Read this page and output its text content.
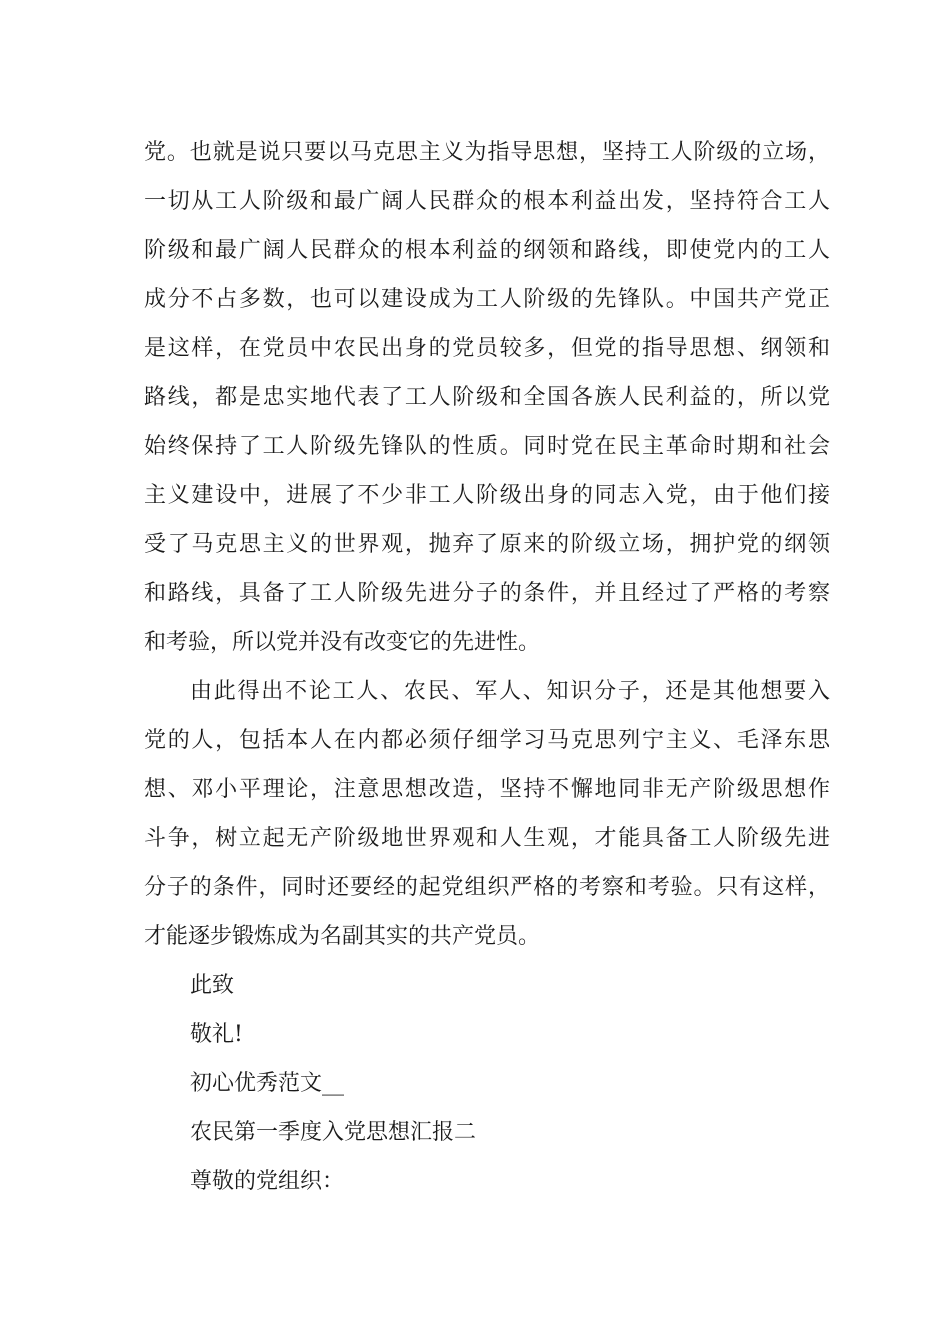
党。也就是说只要以马克思主义为指导思想，坚持工人阶级的立场，
一切从工人阶级和最广阔人民群众的根本利益出发，坚持符合工人
阶级和最广阔人民群众的根本利益的纲领和路线，即使党内的工人
成分不占多数，也可以建设成为工人阶级的先锋队。中国共产党正
是这样，在党员中农民出身的党员较多，但党的指导思想、纲领和
路线，都是忠实地代表了工人阶级和全国各族人民利益的，所以党
始终保持了工人阶级先锋队的性质。同时党在民主革命时期和社会
主义建设中，进展了不少非工人阶级出身的同志入党，由于他们接
受了马克思主义的世界观，抛弃了原来的阶级立场，拥护党的纲领
和路线，具备了工人阶级先进分子的条件，并且经过了严格的考察
和考验，所以党并没有改变它的先进性。
由此得出不论工人、农民、军人、知识分子，还是其他想要入
党的人，包括本人在内都必须仔细学习马克思列宁主义、毛泽东思
想、邓小平理论，注意思想改造，坚持不懈地同非无产阶级思想作
斗争，树立起无产阶级地世界观和人生观，才能具备工人阶级先进
分子的条件，同时还要经的起党组织严格的考察和考验。只有这样，
才能逐步锻炼成为名副其实的共产党员。
此致
敬礼!
初心优秀范文__
农民第一季度入党思想汇报二
尊敬的党组织：
